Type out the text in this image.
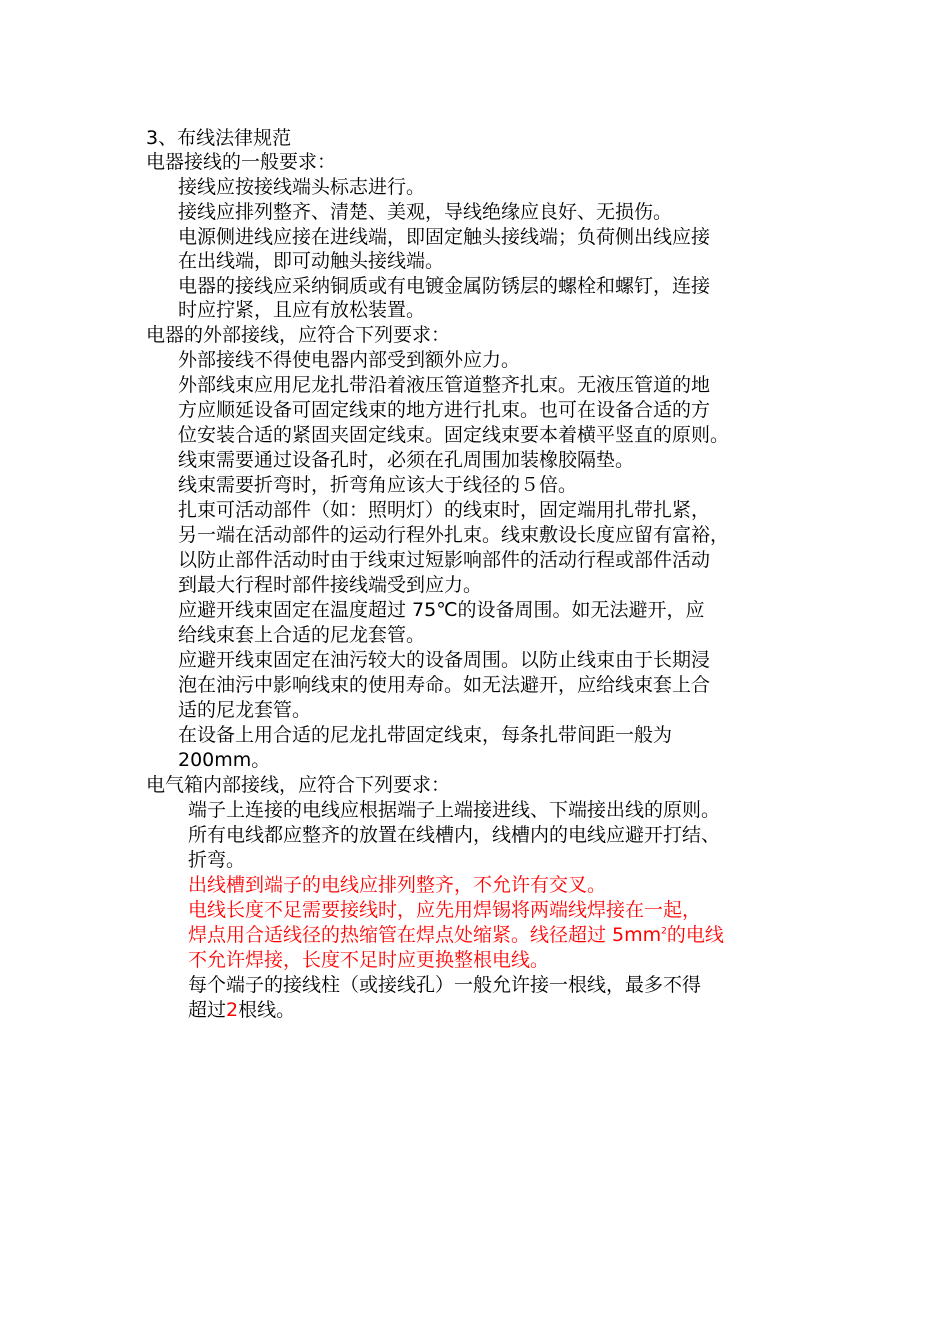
3、布线法律规范
电器接线的一般要求：
接线应按接线端头标志进行。
接线应排列整齐、清楚、美观，导线绝缘应良好、无损伤。
电源侧进线应接在进线端，即固定触头接线端；负荷侧出线应接
在出线端，即可动触头接线端。
电器的接线应采纳铜质或有电镀金属防锈层的螺栓和螺钉，连接
时应拧紧，且应有放松装置。
电器的外部接线，应符合下列要求：
外部接线不得使电器内部受到额外应力。
外部线束应用尼龙扎带沿着液压管道整齐扎束。无液压管道的地
方应顺延设备可固定线束的地方进行扎束。也可在设备合适的方
位安装合适的紧固夹固定线束。固定线束要本着横平竖直的原则。
线束需要通过设备孔时，必须在孔周围加装橡胶隔垫。
线束需要折弯时，折弯角应该大于线径的５倍。
扎束可活动部件（如：照明灯）的线束时，固定端用扎带扎紧，
另一端在活动部件的运动行程外扎束。线束敷设长度应留有富裕，
以防止部件活动时由于线束过短影响部件的活动行程或部件活动
到最大行程时部件接线端受到应力。
应避开线束固定在温度超过 75℃的设备周围。如无法避开，应
给线束套上合适的尼龙套管。
应避开线束固定在油污较大的设备周围。以防止线束由于长期浸
泡在油污中影响线束的使用寿命。如无法避开，应给线束套上合
适的尼龙套管。
在设备上用合适的尼龙扎带固定线束，每条扎带间距一般为
200mm。
电气箱内部接线，应符合下列要求：
端子上连接的电线应根据端子上端接进线、下端接出线的原则。
所有电线都应整齐的放置在线槽内，线槽内的电线应避开打结、
折弯。
出线槽到端子的电线应排列整齐，不允许有交叉。
电线长度不足需要接线时，应先用焊锡将两端线焊接在一起，
焊点用合适线径的热缩管在焊点处缩紧。线径超过 $5mm^2$的电线
不允许焊接，长度不足时应更换整根电线。
每个端子的接线柱（或接线孔）一般允许接一根线，最多不得
超过2根线。
